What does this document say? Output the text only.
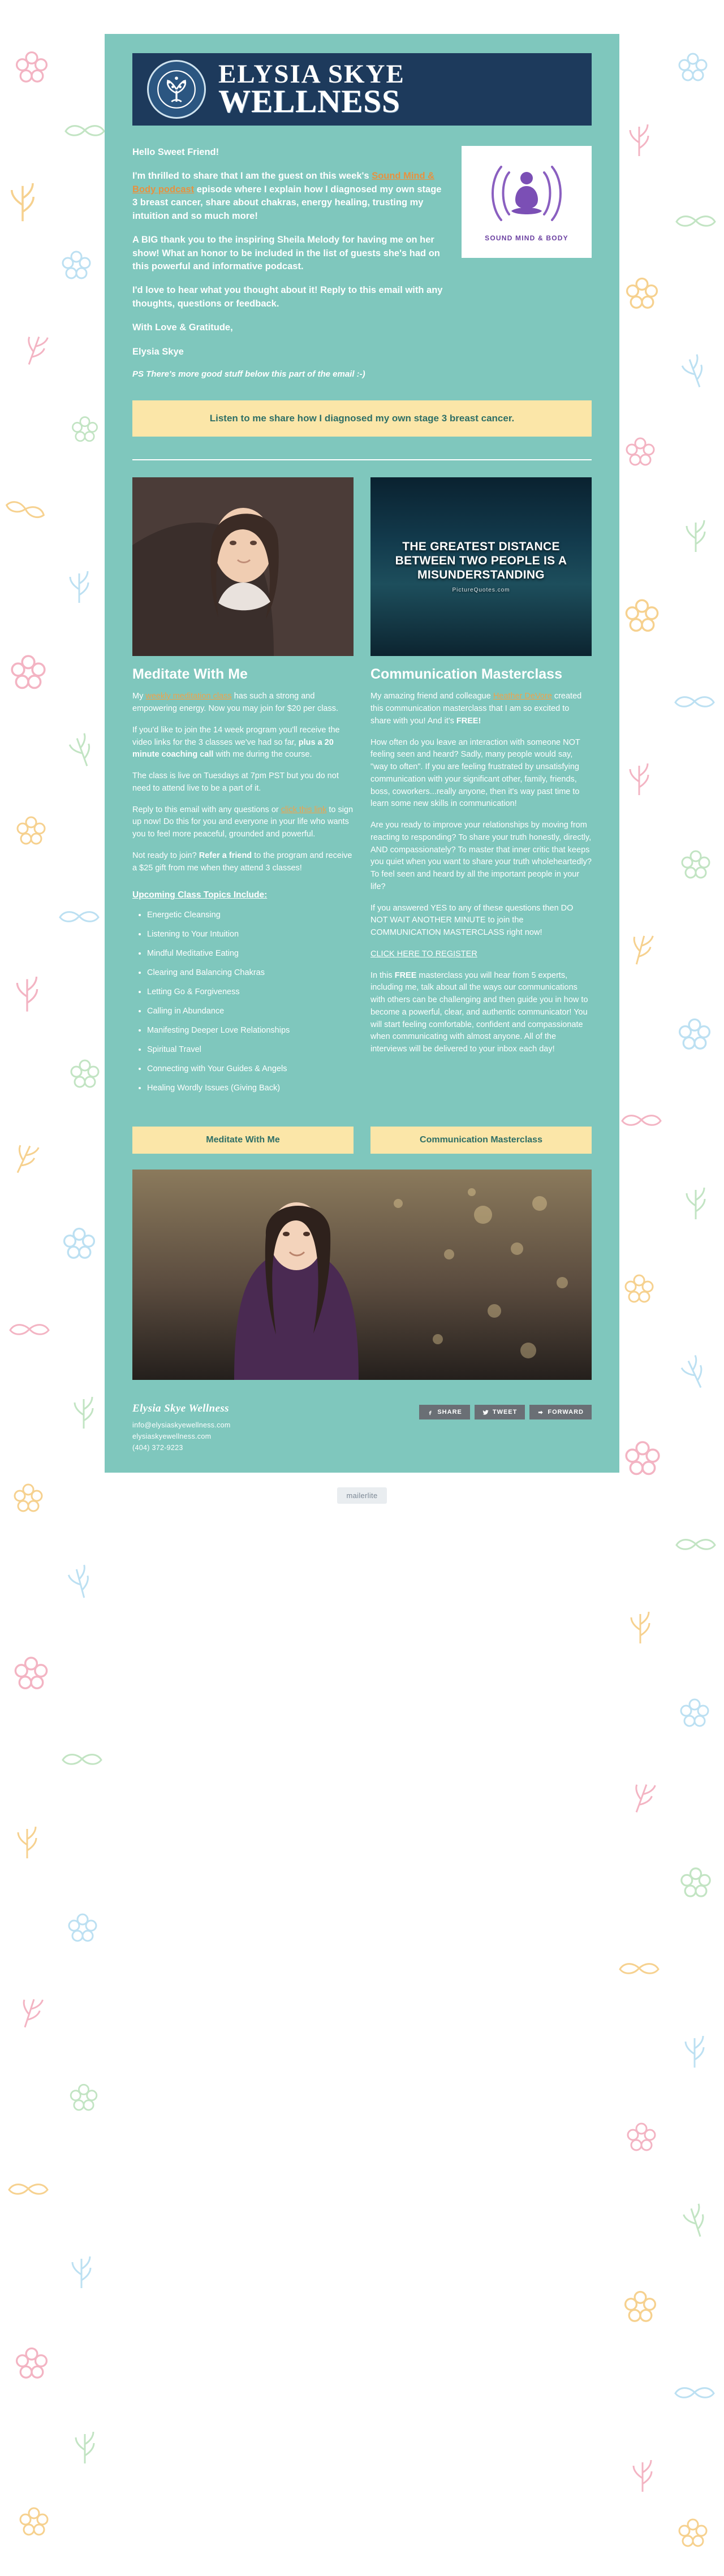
ELYSIA SKYE
WELLNESS

Hello Sweet Friend!

I'm thrilled to share that I am the guest on this week's Sound Mind & Body podcast episode where I explain how I diagnosed my own stage 3 breast cancer, share about chakras, energy healing, trusting my intuition and so much more!

A BIG thank you to the inspiring Sheila Melody for having me on her show! What an honor to be included in the list of guests she's had on this powerful and informative podcast.

I'd love to hear what you thought about it! Reply to this email with any thoughts, questions or feedback.

With Love & Gratitude,

Elysia Skye

PS There's more good stuff below this part of the email :-)

SOUND MIND & BODY
Listen to me share how I diagnosed my own stage 3 breast cancer.
Meditate With Me

My weekly meditation class has such a strong and empowering energy. Now you may join for $20 per class.

If you'd like to join the 14 week program you'll receive the video links for the 3 classes we've had so far, plus a 20 minute coaching call with me during the course.

The class is live on Tuesdays at 7pm PST but you do not need to attend live to be a part of it.

Reply to this email with any questions or click this link to sign up now! Do this for you and everyone in your life who wants you to feel more peaceful, grounded and powerful.

Not ready to join? Refer a friend to the program and receive a $25 gift from me when they attend 3 classes!

Upcoming Class Topics Include:
• Energetic Cleansing
• Listening to Your Intuition
• Mindful Meditative Eating
• Clearing and Balancing Chakras
• Letting Go & Forgiveness
• Calling in Abundance
• Manifesting Deeper Love Relationships
• Spiritual Travel
• Connecting with Your Guides & Angels
• Healing Wordly Issues (Giving Back)
THE GREATEST DISTANCE BETWEEN TWO PEOPLE IS A MISUNDERSTANDING
PictureQuotes.com
Communication Masterclass

My amazing friend and colleague Heather DeVore created this communication masterclass that I am so excited to share with you! And it's FREE!

How often do you leave an interaction with someone NOT feeling seen and heard? Sadly, many people would say, "way to often". If you are feeling frustrated by unsatisfying communication with your significant other, family, friends, boss, coworkers...really anyone, then it's way past time to learn some new skills in communication!

Are you ready to improve your relationships by moving from reacting to responding? To share your truth honestly, directly, AND compassionately? To master that inner critic that keeps you quiet when you want to share your truth wholeheartedly? To feel seen and heard by all the important people in your life?

If you answered YES to any of these questions then DO NOT WAIT ANOTHER MINUTE to join the COMMUNICATION MASTERCLASS right now!

CLICK HERE TO REGISTER

In this FREE masterclass you will hear from 5 experts, including me, talk about all the ways our communications with others can be challenging and then guide you in how to become a powerful, clear, and authentic communicator! You will start feeling comfortable, confident and compassionate when communicating with almost anyone. All of the interviews will be delivered to your inbox each day!

Meditate With Me	Communication Masterclass
Elysia Skye Wellness
info@elysiaskyewellness.com
elysiaskyewellness.com
(404) 372-9223
SHARE	TWEET	FORWARD
mailerlite
